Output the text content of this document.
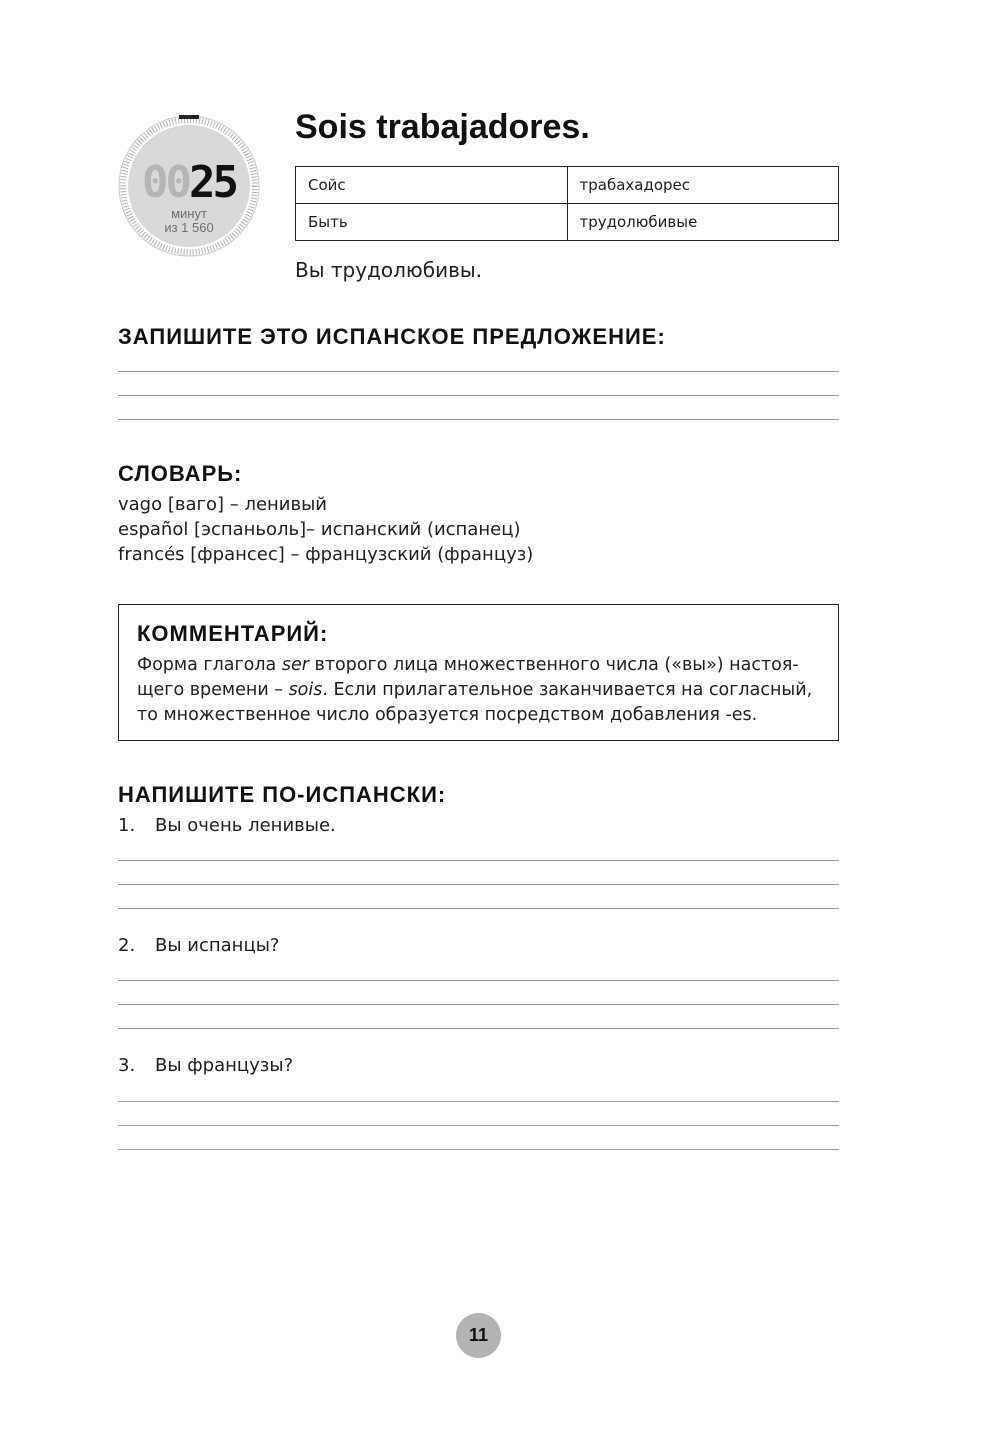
0025
минут
из 1 560
Sois trabajadores.
Сойс	трабахадорес
Быть	трудолюбивые
Вы трудолюбивы.
ЗАПИШИТЕ ЭТО ИСПАНСКОЕ ПРЕДЛОЖЕНИЕ:
СЛОВАРЬ:
vago [ваго] – ленивый
español [эспаньоль]– испанский (испанец)
francés [франсес] – французский (француз)
КОММЕНТАРИЙ:
Форма глагола ser второго лица множественного числа («вы») настоя-
щего времени – sois. Если прилагательное заканчивается на согласный,
то множественное число образуется посредством добавления -es.
НАПИШИТЕ ПО-ИСПАНСКИ:
1. Вы очень ленивые.
2. Вы испанцы?
3. Вы французы?
11
